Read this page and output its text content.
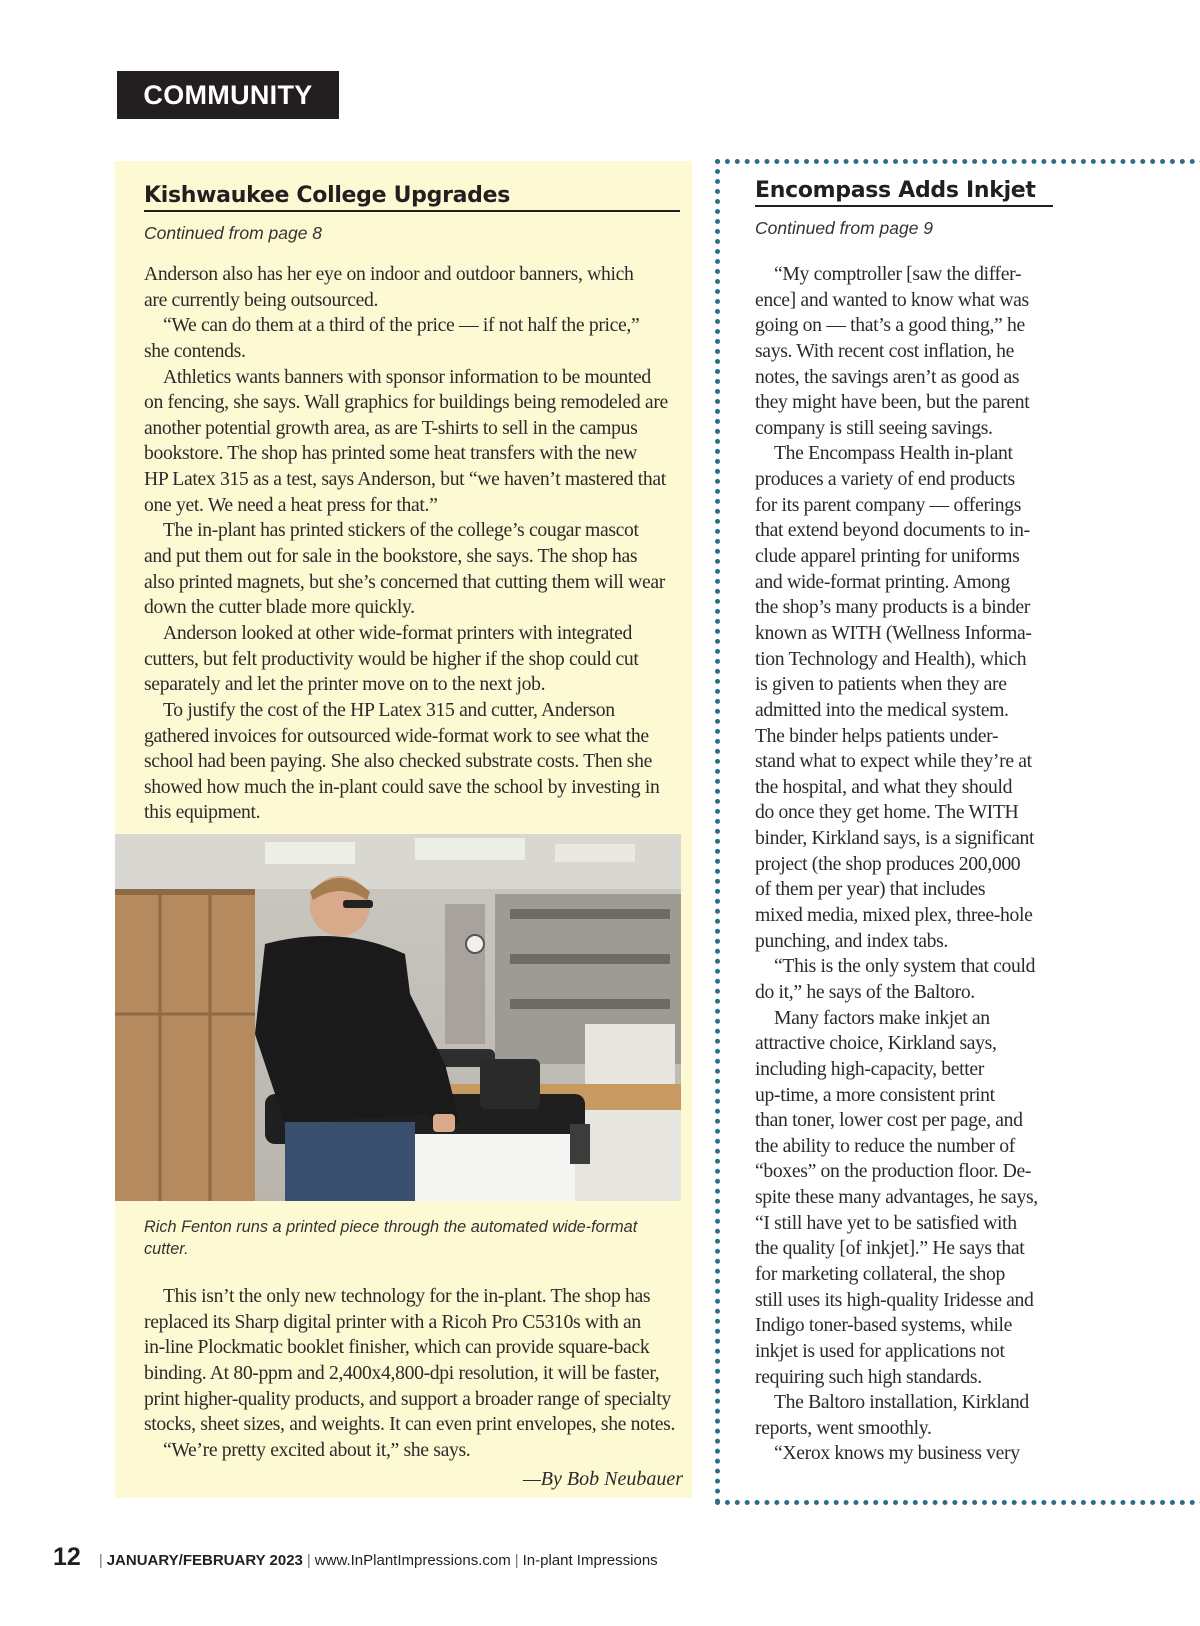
COMMUNITY
Kishwaukee College Upgrades
Continued from page 8
Anderson also has her eye on indoor and outdoor banners, which
are currently being outsourced.
“We can do them at a third of the price — if not half the price,”
she contends.
Athletics wants banners with sponsor information to be mounted
on fencing, she says. Wall graphics for buildings being remodeled are
another potential growth area, as are T-shirts to sell in the campus
bookstore. The shop has printed some heat transfers with the new
HP Latex 315 as a test, says Anderson, but “we haven’t mastered that
one yet. We need a heat press for that.”
The in-plant has printed stickers of the college’s cougar mascot
and put them out for sale in the bookstore, she says. The shop has
also printed magnets, but she’s concerned that cutting them will wear
down the cutter blade more quickly.
Anderson looked at other wide-format printers with integrated
cutters, but felt productivity would be higher if the shop could cut
separately and let the printer move on to the next job.
To justify the cost of the HP Latex 315 and cutter, Anderson
gathered invoices for outsourced wide-format work to see what the
school had been paying. She also checked substrate costs. Then she
showed how much the in-plant could save the school by investing in
this equipment.
Rich Fenton runs a printed piece through the automated wide-format cutter.
This isn’t the only new technology for the in-plant. The shop has
replaced its Sharp digital printer with a Ricoh Pro C5310s with an
in-line Plockmatic booklet finisher, which can provide square-back
binding. At 80-ppm and 2,400x4,800-dpi resolution, it will be faster,
print higher-quality products, and support a broader range of specialty
stocks, sheet sizes, and weights. It can even print envelopes, she notes.
“We’re pretty excited about it,” she says.
—By Bob Neubauer
Encompass Adds Inkjet
Continued from page 9
“My comptroller [saw the differ-
ence] and wanted to know what was
going on — that’s a good thing,” he
says. With recent cost inflation, he
notes, the savings aren’t as good as
they might have been, but the parent
company is still seeing savings.
The Encompass Health in-plant
produces a variety of end products
for its parent company — offerings
that extend beyond documents to in-
clude apparel printing for uniforms
and wide-format printing. Among
the shop’s many products is a binder
known as WITH (Wellness Informa-
tion Technology and Health), which
is given to patients when they are
admitted into the medical system.
The binder helps patients under-
stand what to expect while they’re at
the hospital, and what they should
do once they get home. The WITH
binder, Kirkland says, is a significant
project (the shop produces 200,000
of them per year) that includes
mixed media, mixed plex, three-hole
punching, and index tabs.
“This is the only system that could
do it,” he says of the Baltoro.
Many factors make inkjet an
attractive choice, Kirkland says,
including high-capacity, better
up-time, a more consistent print
than toner, lower cost per page, and
the ability to reduce the number of
“boxes” on the production floor. De-
spite these many advantages, he says,
“I still have yet to be satisfied with
the quality [of inkjet].” He says that
for marketing collateral, the shop
still uses its high-quality Iridesse and
Indigo toner-based systems, while
inkjet is used for applications not
requiring such high standards.
The Baltoro installation, Kirkland
reports, went smoothly.
“Xerox knows my business very
12 | JANUARY/FEBRUARY 2023 | www.InPlantImpressions.com | In-plant Impressions
